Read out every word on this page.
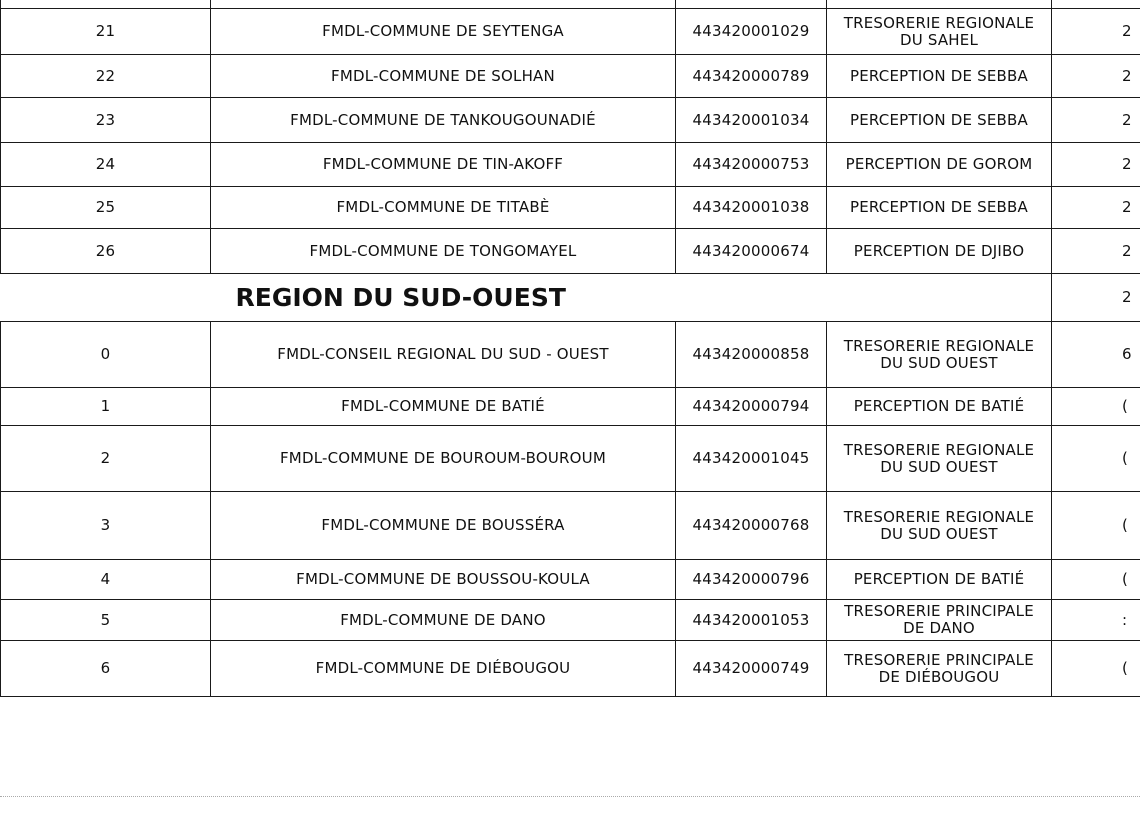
21	FMDL-COMMUNE DE SEYTENGA	443420001029	TRESORERIE REGIONALE DU SAHEL	2
22	FMDL-COMMUNE DE SOLHAN	443420000789	PERCEPTION DE SEBBA	2
23	FMDL-COMMUNE DE TANKOUGOUNADIÉ	443420001034	PERCEPTION DE SEBBA	2
24	FMDL-COMMUNE DE TIN-AKOFF	443420000753	PERCEPTION DE GOROM	2
25	FMDL-COMMUNE DE TITABÈ	443420001038	PERCEPTION DE SEBBA	2
26	FMDL-COMMUNE DE TONGOMAYEL	443420000674	PERCEPTION DE DJIBO	2
REGION DU SUD-OUEST				2
0	FMDL-CONSEIL REGIONAL DU SUD - OUEST	443420000858	TRESORERIE REGIONALE DU SUD OUEST	6
1	FMDL-COMMUNE DE BATIÉ	443420000794	PERCEPTION DE BATIÉ	(
2	FMDL-COMMUNE DE BOUROUM-BOUROUM	443420001045	TRESORERIE REGIONALE DU SUD OUEST	(
3	FMDL-COMMUNE DE BOUSSÉRA	443420000768	TRESORERIE REGIONALE DU SUD OUEST	(
4	FMDL-COMMUNE DE BOUSSOU-KOULA	443420000796	PERCEPTION DE BATIÉ	(
5	FMDL-COMMUNE DE DANO	443420001053	TRESORERIE PRINCIPALE DE DANO	:
6	FMDL-COMMUNE DE DIÉBOUGOU	443420000749	TRESORERIE PRINCIPALE DE DIÉBOUGOU	(
